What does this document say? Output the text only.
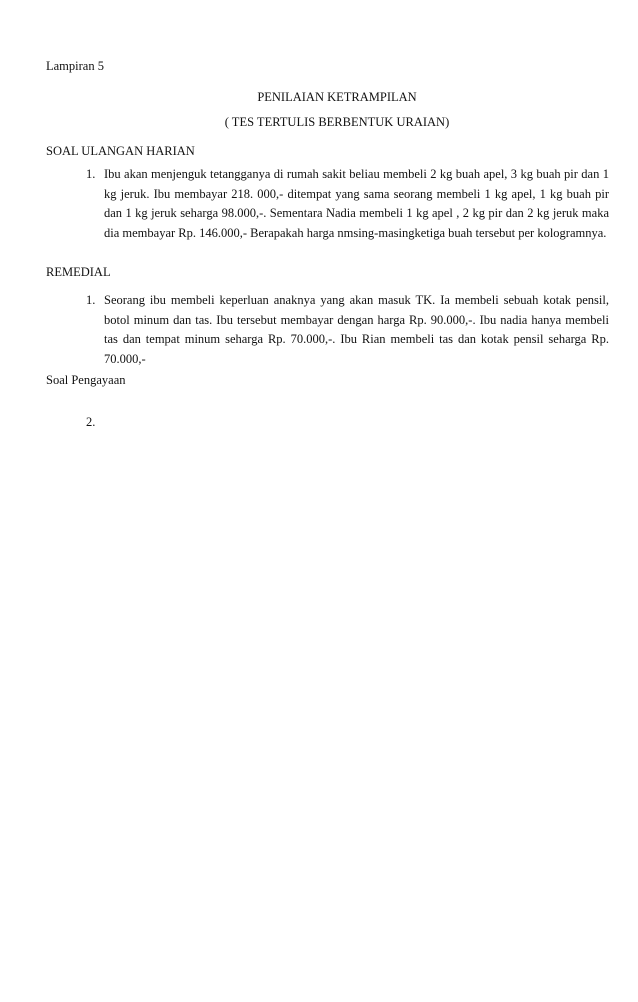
Lampiran 5
PENILAIAN KETRAMPILAN
( TES TERTULIS BERBENTUK URAIAN)
SOAL ULANGAN HARIAN
1. Ibu akan menjenguk tetangganya di rumah sakit beliau membeli 2 kg buah apel, 3 kg buah pir dan 1 kg jeruk. Ibu membayar 218. 000,- ditempat yang sama seorang membeli 1 kg apel, 1 kg buah pir dan 1 kg jeruk seharga 98.000,-. Sementara Nadia membeli 1 kg apel , 2 kg pir dan 2 kg jeruk maka dia membayar Rp. 146.000,- Berapakah harga nmsing-masingketiga buah tersebut per kologramnya.
REMEDIAL
1. Seorang ibu membeli keperluan anaknya yang akan masuk TK. Ia membeli sebuah kotak pensil, botol minum dan tas. Ibu tersebut membayar dengan harga Rp. 90.000,-. Ibu nadia hanya membeli tas dan tempat minum seharga Rp. 70.000,-. Ibu Rian membeli tas dan kotak pensil seharga Rp. 70.000,-
Soal Pengayaan
2.
